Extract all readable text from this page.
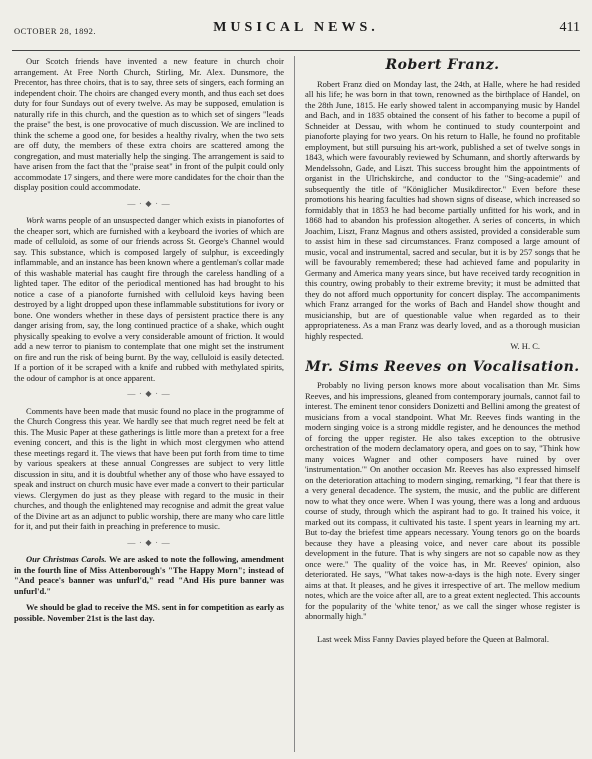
OCTOBER 28, 1892.	MUSICAL NEWS.	411

Our Scotch friends have invented a new feature in church choir arrangement. At Free North Church, Stirling, Mr. Alex. Dunsmore, the Precentor, has three choirs, that is to say, three sets of singers, each forming an independent choir. The choirs are changed every month, and thus each set does duty for four Sundays out of every twelve. As may be supposed, emulation is naturally rife in this church, and the question as to which set of singers "leads the praise" the best, is one provocative of much discussion. We are inclined to think the scheme a good one, for besides a healthy rivalry, when the two sets are off duty, the members of these extra choirs are scattered among the congregation, and must materially help the singing. The arrangement is said to have arisen from the fact that the "praise seat" in front of the pulpit could only accommodate 17 singers, and there were more candidates for the choir than the display position could accommodate.

— ∙ ◆ ∙ —

Work warns people of an unsuspected danger which exists in pianofortes of the cheaper sort, which are furnished with a keyboard the ivories of which are made of celluloid, as some of our friends across St. George's Channel would say. This substance, which is composed largely of sulphur, is exceedingly inflammable, and an instance has been known where a gentleman's collar made of this washable material has caught fire through the careless handling of a lighted taper. The editor of the periodical mentioned has had brought to his notice a case of a pianoforte furnished with celluloid keys having been destroyed by a light dropped upon these inflammable substitutions for ivory or bone. One wonders whether in these days of persistent practice there is any danger arising from, say, the long continued practice of a shake, which ought physically speaking to evolve a very considerable amount of friction. It would add a new terror to pianism to contemplate that one might set the instrument on fire and run the risk of being burnt. By the way, celluloid is easily detected. If a portion of it be scraped with a knife and rubbed with methylated spirits, the odour of camphor is at once apparent.

— ∙ ◆ ∙ —

Comments have been made that music found no place in the programme of the Church Congress this year. We hardly see that much regret need be felt at this. The Music Paper at these gatherings is little more than a pretext for a free evening concert, and this is the light in which most clergymen who attend these meetings regard it. The views that have been put forth from time to time by various speakers at these annual Congresses are subject to very little discussion in situ, and it is doubtful whether any of those who have essayed to speak and instruct on church music have ever made a convert to their particular views. Clergymen do just as they please with regard to the music in their churches, and though the enlightened may recognise and admit the great value of the Divine art as an adjunct to public worship, there are many who care little for it, and put their faith in preaching in preference to music.

— ∙ ◆ ∙ —

Our Christmas Carols. We are asked to note the following, amendment in the fourth line of Miss Attenborough's "The Happy Morn"; instead of "And peace's banner was unfurl'd," read "And His pure banner was unfurl'd."

We should be glad to receive the MS. sent in for competition as early as possible. November 21st is the last day.

Robert Franz.

Robert Franz died on Monday last, the 24th, at Halle, where he had resided all his life; he was born in that town, renowned as the birthplace of Handel, on the 28th June, 1815. He early showed talent in accompanying music by Handel and Bach, and in 1835 obtained the consent of his father to become a pupil of Schneider at Dessau, with whom he continued to study counterpoint and pianoforte playing for two years. On his return to Halle, he found no profitable employment, but still pursuing his art-work, published a set of twelve songs in 1843, which were favourably reviewed by Schumann, and shortly afterwards by Mendelssohn, Gade, and Liszt. This success brought him the appointments of organist in the Ulrichskirche, and conductor to the "Sing-academie" and subsequently the title of "Königlicher Musikdirector." Even before these promotions his hearing faculties had shown signs of disease, which increased so formidably that in 1853 he had become partially unfitted for his work, and in 1868 had to abandon his profession altogether. A series of concerts, in which Joachim, Liszt, Franz Magnus and others assisted, provided a considerable sum to assist him in these sad circumstances. Franz composed a large amount of music, vocal and instrumental, sacred and secular, but it is by 257 songs that he will be favourably remembered; these had achieved fame and popularity in Germany and America many years since, but have received tardy recognition in this country, owing probably to their extreme brevity; it must be admitted that they do not afford much opportunity for concert display. The accompaniments which Franz arranged for the works of Bach and Handel show thought and musicianship, but are of questionable value when regarded as to their appropriateness. As a man Franz was dearly loved, and as a thorough musician highly respected.

W. H. C.
Mr. Sims Reeves on Vocalisation.

Probably no living person knows more about vocalisation than Mr. Sims Reeves, and his impressions, gleaned from contemporary journals, cannot fail to interest. The eminent tenor considers Donizetti and Bellini among the greatest of musicians from a vocal standpoint. What Mr. Reeves finds wanting in the modern singing voice is a strong middle register, and he denounces the method of forcing the upper register. He also takes exception to the obtrusive orchestration of the modern declamatory opera, and goes on to say, "Think how many voices Wagner and other composers have ruined by over 'instrumentation.'" On another occasion Mr. Reeves has also expressed himself on the deterioration attaching to modern singing, remarking, "I fear that there is a very general decadence. The system, the music, and the public are different now to what they once were. When I was young, there was a long and arduous course of study, through which the aspirant had to go. It trained his voice, it marked out its compass, it cultivated his taste. I spent years in learning my art. But to-day the briefest time appears necessary. Young tenors go on the boards because they have a pleasing voice, and never care about its possible development in the future. That is why singers are not so capable now as they once were." The quality of the voice has, in Mr. Reeves' opinion, also deteriorated. He says, "What takes now-a-days is the high note. Every singer aims at that. It pleases, and he gives it irrespective of art. The mellow medium notes, which are the voice after all, are to a great extent neglected. This accounts for the popularity of the 'white tenor,' as we call the singer whose register is abnormally high."

Last week Miss Fanny Davies played before the Queen at Balmoral.
